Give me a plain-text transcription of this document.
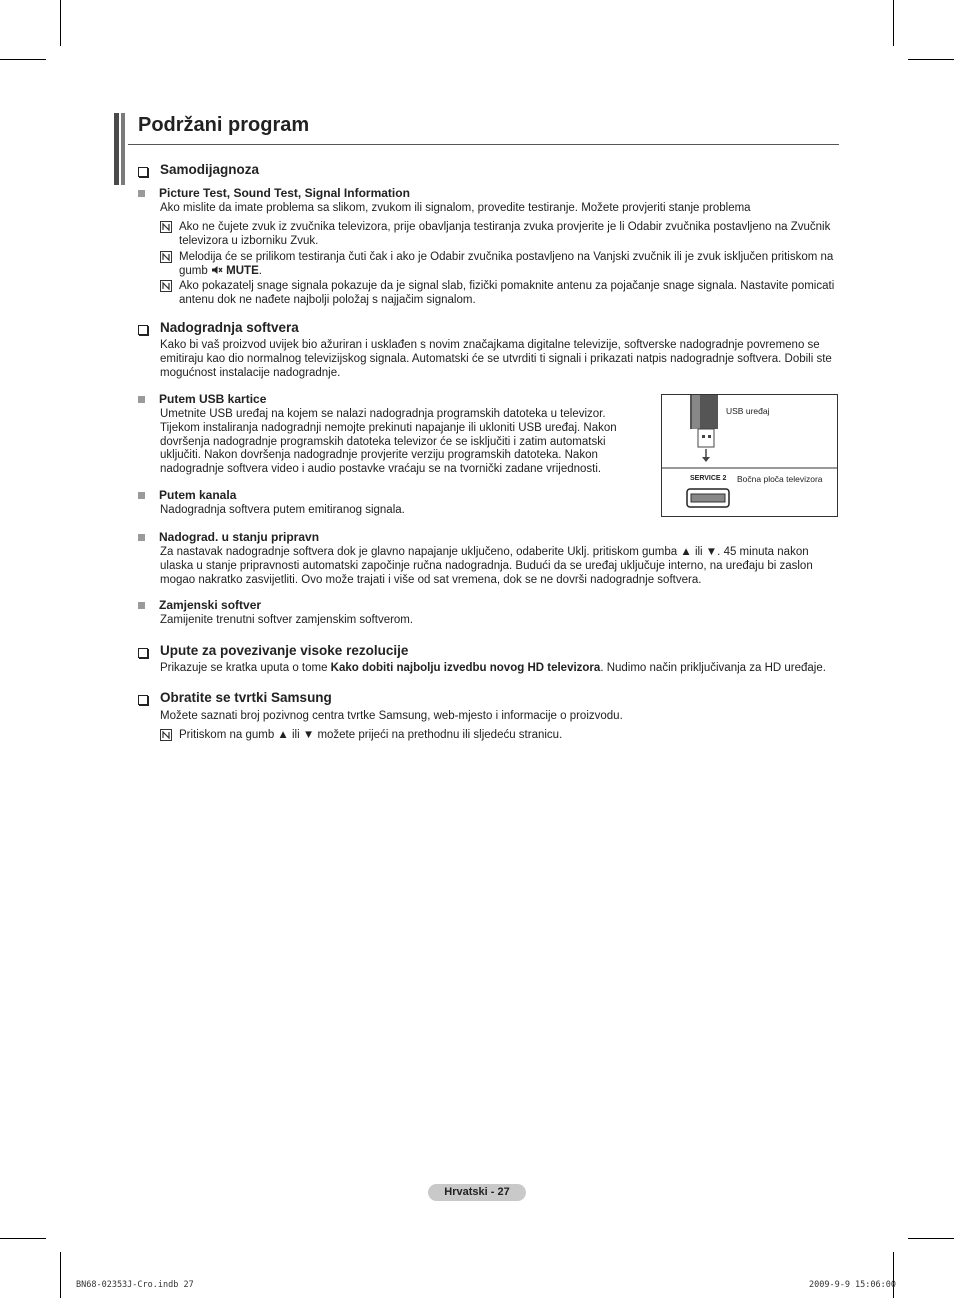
Podržani program
Samodijagnoza
Picture Test, Sound Test, Signal Information
Ako mislite da imate problema sa slikom, zvukom ili signalom, provedite testiranje. Možete provjeriti stanje problema
Ako ne čujete zvuk iz zvučnika televizora, prije obavljanja testiranja zvuka provjerite je li Odabir zvučnika postavljeno na Zvučnik televizora u izborniku Zvuk.
Melodija će se prilikom testiranja čuti čak i ako je Odabir zvučnika postavljeno na Vanjski zvučnik ili je zvuk isključen pritiskom na gumb  MUTE.
Ako pokazatelj snage signala pokazuje da je signal slab, fizički pomaknite antenu za pojačanje snage signala. Nastavite pomicati antenu dok ne nađete najbolji položaj s najjačim signalom.
Nadogradnja softvera
Kako bi vaš proizvod uvijek bio ažuriran i usklađen s novim značajkama digitalne televizije, softverske nadogradnje povremeno se emitiraju kao dio normalnog televizijskog signala. Automatski će se utvrditi ti signali i prikazati natpis nadogradnje softvera. Dobili ste mogućnost instalacije nadogradnje.
Putem USB kartice
Umetnite USB uređaj na kojem se nalazi nadogradnja programskih datoteka u televizor. Tijekom instaliranja nadogradnji nemojte prekinuti napajanje ili ukloniti USB uređaj. Nakon dovršenja nadogradnje programskih datoteka televizor će se isključiti i zatim automatski uključiti. Nakon dovršenja nadogradnje provjerite verziju programskih datoteka. Nakon nadogradnje softvera video i audio postavke vraćaju se na tvornički zadane vrijednosti.
USB uređaj
SERVICE 2 Bočna ploča televizora
Putem kanala
Nadogradnja softvera putem emitiranog signala.
Nadograd. u stanju pripravn
Za nastavak nadogradnje softvera dok je glavno napajanje uključeno, odaberite Uklj. pritiskom gumba ▲ ili ▼. 45 minuta nakon ulaska u stanje pripravnosti automatski započinje ručna nadogradnja. Budući da se uređaj uključuje interno, na uređaju bi zaslon mogao nakratko zasvijetliti. Ovo može trajati i više od sat vremena, dok se ne dovrši nadogradnje softvera.
Zamjenski softver
Zamijenite trenutni softver zamjenskim softverom.
Upute za povezivanje visoke rezolucije
Prikazuje se kratka uputa o tome Kako dobiti najbolju izvedbu novog HD televizora. Nudimo način priključivanja za HD uređaje.
Obratite se tvrtki Samsung
Možete saznati broj pozivnog centra tvrtke Samsung, web-mjesto i informacije o proizvodu.
Pritiskom na gumb ▲ ili ▼ možete prijeći na prethodnu ili sljedeću stranicu.
Hrvatski - 27
BN68-02353J-Cro.indb 27	2009-9-9 15:06:00
